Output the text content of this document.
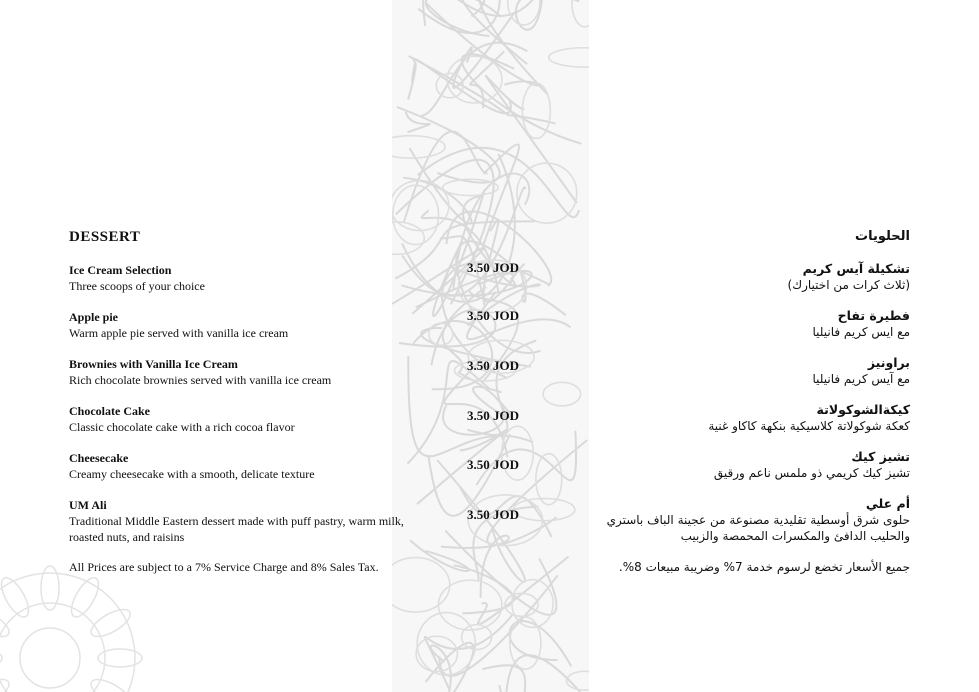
DESSERT
Ice Cream Selection
Three scoops of your choice
3.50 JOD
Apple pie
Warm apple pie served with vanilla ice cream
3.50 JOD
Brownies with Vanilla Ice Cream
Rich chocolate brownies served with vanilla ice cream
3.50 JOD
Chocolate Cake
Classic chocolate cake with a rich cocoa flavor
3.50 JOD
Cheesecake
Creamy cheesecake with a smooth, delicate texture
3.50 JOD
UM Ali
Traditional Middle Eastern dessert made with puff pastry, warm milk, roasted nuts, and raisins
3.50 JOD
All Prices are subject to a 7% Service Charge and 8% Sales Tax.
الحلويات
تشكيلة آيس كريم
(ثلاث كرات من اختيارك)
فطيرة تفاح
مع ايس كريم فانيليا
براونيز
مع آيس كريم فانيليا
كيكةالشوكولاتة
كعكة شوكولاتة كلاسيكية بنكهة كاكاو غنية
تشيز كيك
تشيز كيك كريمي ذو ملمس ناعم ورقيق
أم علي
حلوى شرق أوسطية تقليدية مصنوعة من عجينة الباف باستري والحليب الدافئ والمكسرات المحمصة والزبيب
جميع الأسعار تخضع لرسوم خدمة 7% وضريبة مبيعات 8%.
